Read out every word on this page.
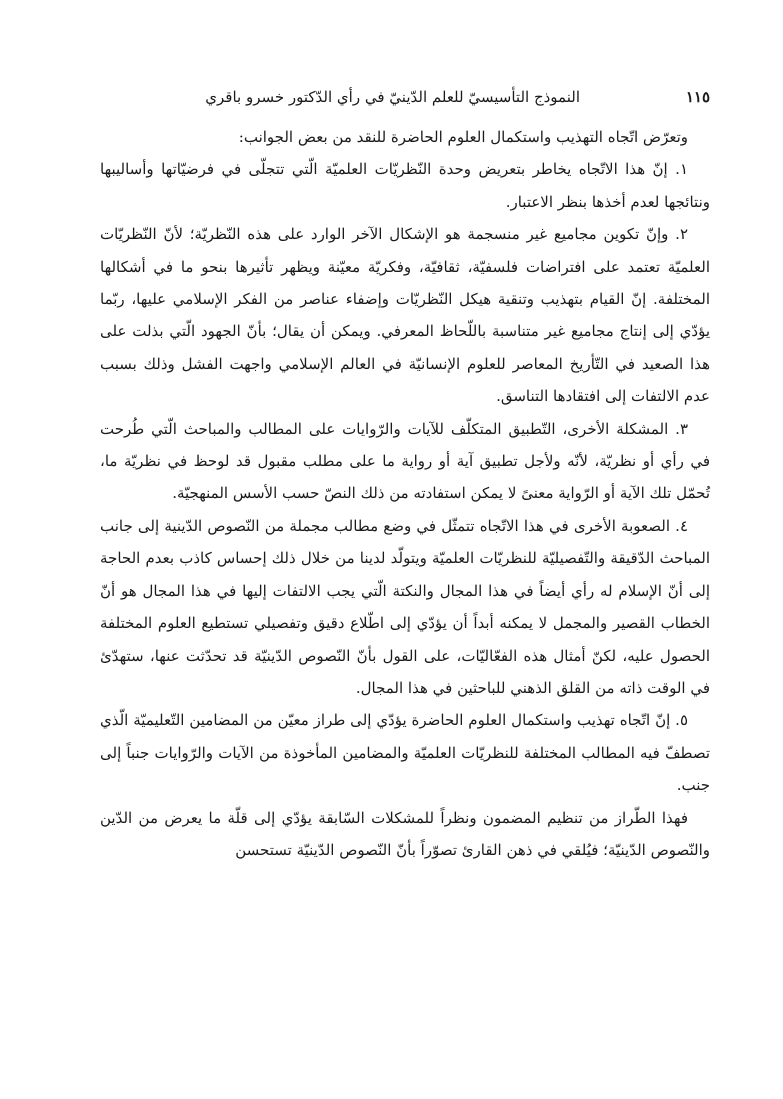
النموذج التأسيسيّ للعلم الدّينيّ في رأي الدّكتور خسرو باقري	١١٥

وتعرّض اتّجاه التهذيب واستكمال العلوم الحاضرة للنقد من بعض الجوانب:

١. إنّ هذا الاتّجاه يخاطر بتعريض وحدة النّظريّات العلميّة الّتي تتجلّى في فرضيّاتها وأساليبها ونتائجها لعدم أخذها بنظر الاعتبار.

٢. وإنّ تكوين مجاميع غير منسجمة هو الإشكال الآخر الوارد على هذه النّظريّة؛ لأنّ النّظريّات العلميّة تعتمد على افتراضات فلسفيّة، ثقافيّة، وفكريّة معيّنة ويظهر تأثيرها بنحو ما في أشكالها المختلفة. إنّ القيام بتهذيب وتنقية هيكل النّظريّات وإضفاء عناصر من الفكر الإسلامي عليها، ربّما يؤدّي إلى إنتاج مجاميع غير متناسبة باللّحاظ المعرفي. ويمكن أن يقال؛ بأنّ الجهود الّتي بذلت على هذا الصعيد في التّأريخ المعاصر للعلوم الإنسانيّة في العالم الإسلامي واجهت الفشل وذلك بسبب عدم الالتفات إلى افتقادها التناسق.

٣. المشكلة الأخرى، التّطبيق المتكلّف للآيات والرّوايات على المطالب والمباحث الّتي طُرحت في رأي أو نظريّة، لأنّه ولأجل تطبيق آية أو رواية ما على مطلب مقبول قد لوحظ في نظريّة ما، تُحمّل تلك الآية أو الرّواية معنىً لا يمكن استفادته من ذلك النصّ حسب الأسس المنهجيّة.

٤. الصعوبة الأخرى في هذا الاتّجاه تتمثّل في وضع مطالب مجملة من النّصوص الدّينية إلى جانب المباحث الدّقيقة والتّفصيليّة للنظريّات العلميّة ويتولّد لدينا من خلال ذلك إحساس كاذب بعدم الحاجة إلى أنّ الإسلام له رأي أيضاً في هذا المجال والنكتة الّتي يجب الالتفات إليها في هذا المجال هو أنّ الخطاب القصير والمجمل لا يمكنه أبداً أن يؤدّي إلى اطّلاع دقيق وتفصيلي تستطيع العلوم المختلفة الحصول عليه، لكنّ أمثال هذه الفعّاليّات، على القول بأنّ النّصوص الدّينيّة قد تحدّثت عنها، ستهدّئ في الوقت ذاته من القلق الذهني للباحثين في هذا المجال.

٥. إنّ اتّجاه تهذيب واستكمال العلوم الحاضرة يؤدّي إلى طراز معيّن من المضامين التّعليميّة الّذي تصطفّ فيه المطالب المختلفة للنظريّات العلميّة والمضامين المأخوذة من الآيات والرّوايات جنباً إلى جنب.

فهذا الطّراز من تنظيم المضمون ونظراً للمشكلات السّابقة يؤدّي إلى قلّة ما يعرض من الدّين والنّصوص الدّينيّة؛ فيُلقي في ذهن القارئ تصوّراً بأنّ النّصوص الدّينيّة تستحسن
